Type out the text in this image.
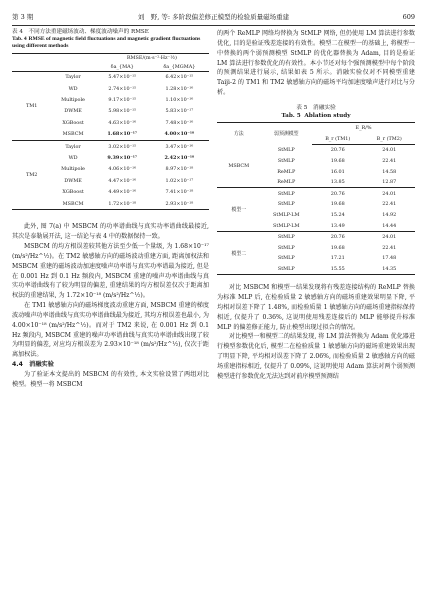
第 3 期	刘　野, 等: 多阶段偏差修正模型的检验质量磁场重建	609
表 4　不同方法重建磁场波动、梯度波动噪声的 RMSE
Tab. 4 RMSE of magnetic field fluctuations and magnetic gradient fluctuations using different methods
		RMSE/(m·s⁻²·Hz⁻½)	
		δa_{MA}	δa_{MGMA}
TM1	Taylor	5.47×10⁻¹⁵	6.42×10⁻¹⁵
	WD	2.74×10⁻¹⁵	1.28×10⁻¹⁶
	Multipole	9.17×10⁻¹⁵	1.10×10⁻¹⁶
	DWME	5.98×10⁻¹⁵	5.83×10⁻¹⁷
	XGBoost	4.63×10⁻¹⁶	7.48×10⁻¹⁶
	MSBCM	1.68×10⁻¹⁷	4.00×10⁻¹⁸
TM2	Taylor	3.02×10⁻¹⁵	3.47×10⁻¹⁶
	WD	9.39×10⁻¹⁷	2.42×10⁻¹⁸
	Multipole	4.06×10⁻¹⁶	8.97×10⁻¹⁸
	DWME	4.47×10⁻¹⁶	1.02×10⁻¹⁷
	XGBoost	4.49×10⁻¹⁶	7.41×10⁻¹⁸
	MSBCM	1.72×10⁻¹⁸	2.93×10⁻¹⁸

此外, 图 7(a) 中 MSBCM 的功率谱曲线与真实功率谱曲线最接近, 其次是泰勒展开法, 这一结论与表 4 中的数据保持一致。

MSBCM 的均方根误差较其他方法至少低一个量级, 为 1.68×10⁻¹⁷ (m/s²/Hz^½)。在 TM2 敏感轴方向的磁场波动重建方面, 距离加权法和 MSBCM 重建的磁场波动加速度噪声功率谱与真实功率谱最为接近, 但是在 0.001 Hz 到 0.1 Hz 频段内, MSBCM 重建的噪声功率谱曲线与真实功率谱曲线有了较为明显的偏差, 重建结果的均方根误差仅次于距离加权法的重建结果, 为 1.72×10⁻¹⁸ (m/s²/Hz^½)。

在 TM1 敏感轴方向的磁场梯度波动重建方面, MSBCM 重建的梯度波动噪声功率谱曲线与真实功率谱曲线最为接近, 其均方根误差也最小, 为 4.00×10⁻¹⁸ (m/s²/Hz^½)。而对于 TM2 来说, 在 0.001 Hz 到 0.1 Hz 频段内, MSBCM 重建的噪声功率谱曲线与真实功率谱曲线出现了较为明显的偏差, 对应均方根误差为 2.93×10⁻¹⁸ (m/s²/Hz^½), 仅次于距离加权法。

4.4　消融实验

为了验证本文提出的 MSBCM 的有效性, 本文实验设置了两组对比模型。模型一将 MSBCM

的两个 ReMLP 网络均替换为 StMLP 网络, 但仍使用 LM 算法进行参数优化, 目的是验证残差连接的有效性。模型二在模型一的基础上, 将模型一中替换的两个弱预测模型 StMLP 的优化器替换为 Adam, 目的是验证 LM 算法进行参数优化的有效性。本小节还对每个强预测模型中每个阶段的预测结果进行展示, 结果如表 5 所示。消融实验仅对不同模型重建 Taiji-2 的 TM1 和 TM2 敏感轴方向的磁场平均加速度噪声进行对比与分析。

表 5　消融实验
Tab. 5 Ablation study
方法	弱预测模型	E_R/%	
		B_r (TM1)	B_r (TM2)
MSBCM	StMLP	20.76	24.01
	StMLP	19.68	22.41
	ReMLP	16.01	14.58
	ReMLP	13.85	12.87
模型一	StMLP	20.76	24.01
	StMLP	19.68	22.41
	StMLP-LM	15.24	14.92
	StMLP-LM	13.49	14.44
模型二	StMLP	20.76	24.01
	StMLP	19.68	22.41
	StMLP	17.21	17.48
	StMLP	15.55	14.35

对比 MSBCM 和模型一结果发现将有残差连接结构的 ReMLP 替换为标准 MLP 后, 在检验质量 2 敏感轴方向的磁场重建效果明显下降, 平均相对误差下降了 1.48%, 而检验质量 1 敏感轴方向的磁场重建指标保持相近, 仅提升了 0.36%, 这说明使用残差连接后的 MLP 能够提升标准 MLP 的偏差修正能力, 防止模型出现过拟合的情况。

对比模型一和模型二的结果发现, 将 LM 算法替换为 Adam 优化器进行模型参数优化后, 模型二在检验质量 1 敏感轴方向的磁场重建效果出现了明显下降, 平均相对误差下降了 2.06%, 而检验质量 2 敏感轴方向的磁场重建指标相近, 仅提升了 0.09%, 这说明使用 Adam 算法对两个弱预测模型进行参数优化无法达到对前序模型预测结
